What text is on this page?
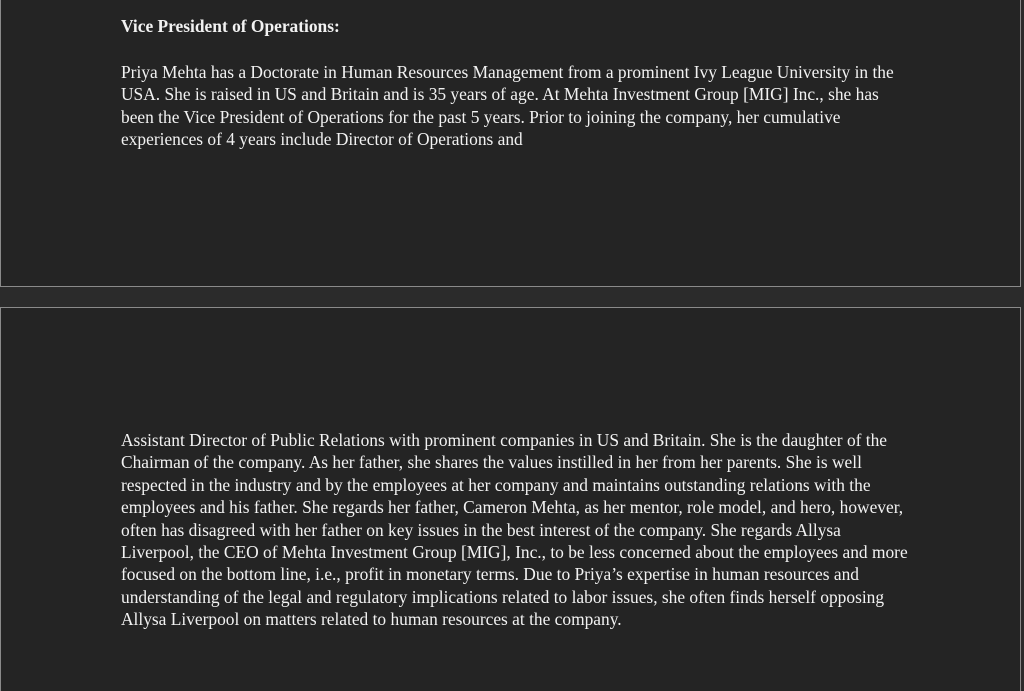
Vice President of Operations:

Priya Mehta has a Doctorate in Human Resources Management from a prominent Ivy League University in the USA. She is raised in US and Britain and is 35 years of age. At Mehta Investment Group [MIG] Inc., she has been the Vice President of Operations for the past 5 years. Prior to joining the company, her cumulative experiences of 4 years include Director of Operations and

Assistant Director of Public Relations with prominent companies in US and Britain. She is the daughter of the Chairman of the company. As her father, she shares the values instilled in her from her parents. She is well respected in the industry and by the employees at her company and maintains outstanding relations with the employees and his father. She regards her father, Cameron Mehta, as her mentor, role model, and hero, however, often has disagreed with her father on key issues in the best interest of the company. She regards Allysa Liverpool, the CEO of Mehta Investment Group [MIG], Inc., to be less concerned about the employees and more focused on the bottom line, i.e., profit in monetary terms. Due to Priya’s expertise in human resources and understanding of the legal and regulatory implications related to labor issues, she often finds herself opposing Allysa Liverpool on matters related to human resources at the company.
